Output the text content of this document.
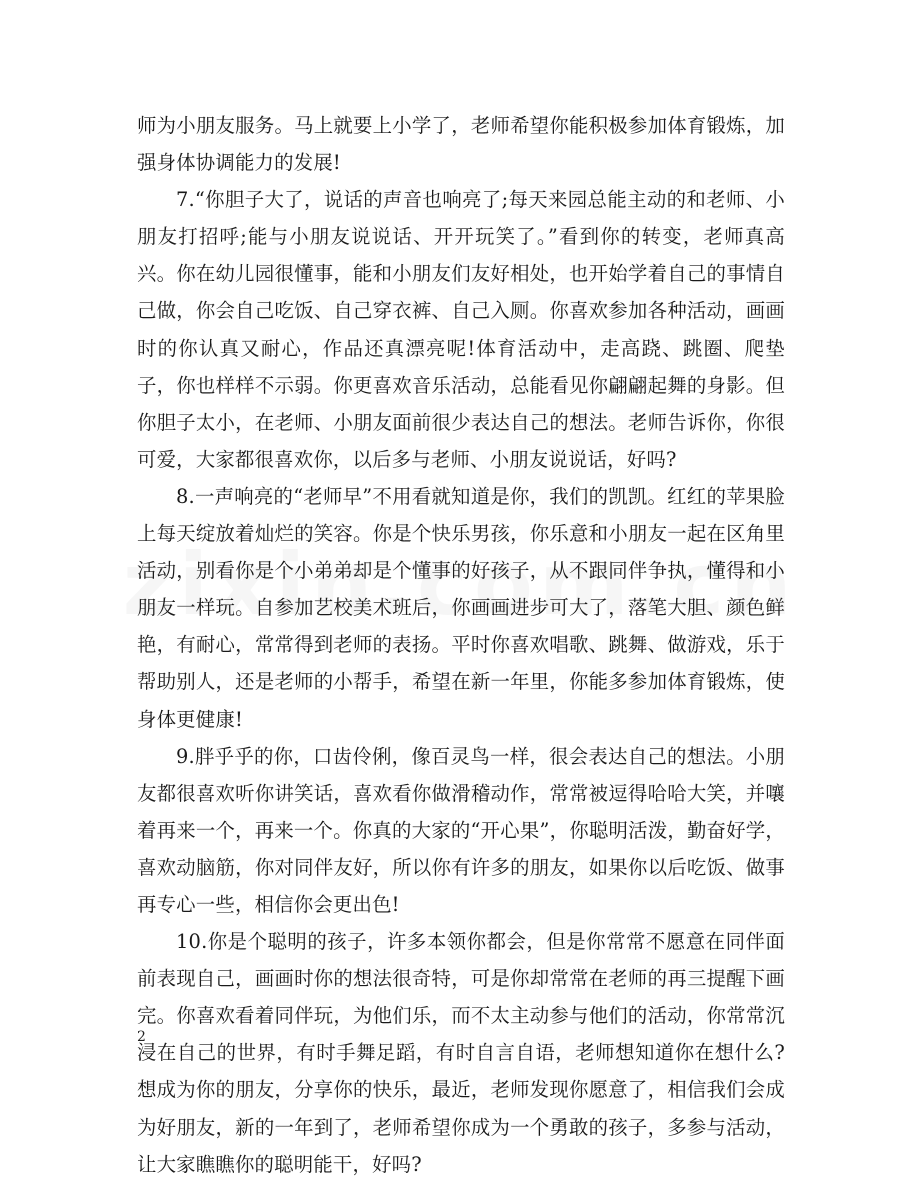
师为小朋友服务。马上就要上小学了，老师希望你能积极参加体育锻炼，加强身体协调能力的发展!

7.“你胆子大了，说话的声音也响亮了;每天来园总能主动的和老师、小朋友打招呼;能与小朋友说说话、开开玩笑了。”看到你的转变，老师真高兴。你在幼儿园很懂事，能和小朋友们友好相处，也开始学着自己的事情自己做，你会自己吃饭、自己穿衣裤、自己入厕。你喜欢参加各种活动，画画时的你认真又耐心，作品还真漂亮呢!体育活动中，走高跷、跳圈、爬垫子，你也样样不示弱。你更喜欢音乐活动，总能看见你翩翩起舞的身影。但你胆子太小，在老师、小朋友面前很少表达自己的想法。老师告诉你，你很可爱，大家都很喜欢你，以后多与老师、小朋友说说话，好吗?

8.一声响亮的“老师早”不用看就知道是你，我们的凯凯。红红的苹果脸上每天绽放着灿烂的笑容。你是个快乐男孩，你乐意和小朋友一起在区角里活动，别看你是个小弟弟却是个懂事的好孩子，从不跟同伴争执，懂得和小朋友一样玩。自参加艺校美术班后，你画画进步可大了，落笔大胆、颜色鲜艳，有耐心，常常得到老师的表扬。平时你喜欢唱歌、跳舞、做游戏，乐于帮助别人，还是老师的小帮手，希望在新一年里，你能多参加体育锻炼，使身体更健康!

9.胖乎乎的你，口齿伶俐，像百灵鸟一样，很会表达自己的想法。小朋友都很喜欢听你讲笑话，喜欢看你做滑稽动作，常常被逗得哈哈大笑，并嚷着再来一个，再来一个。你真的大家的“开心果”，你聪明活泼，勤奋好学，喜欢动脑筋，你对同伴友好，所以你有许多的朋友，如果你以后吃饭、做事再专心一些，相信你会更出色!

10.你是个聪明的孩子，许多本领你都会，但是你常常不愿意在同伴面前表现自己，画画时你的想法很奇特，可是你却常常在老师的再三提醒下画完。你喜欢看着同伴玩，为他们乐，而不太主动参与他们的活动，你常常沉浸在自己的世界，有时手舞足蹈，有时自言自语，老师想知道你在想什么?想成为你的朋友，分享你的快乐，最近，老师发现你愿意了，相信我们会成为好朋友，新的一年到了，老师希望你成为一个勇敢的孩子，多参与活动，让大家瞧瞧你的聪明能干，好吗?

2
